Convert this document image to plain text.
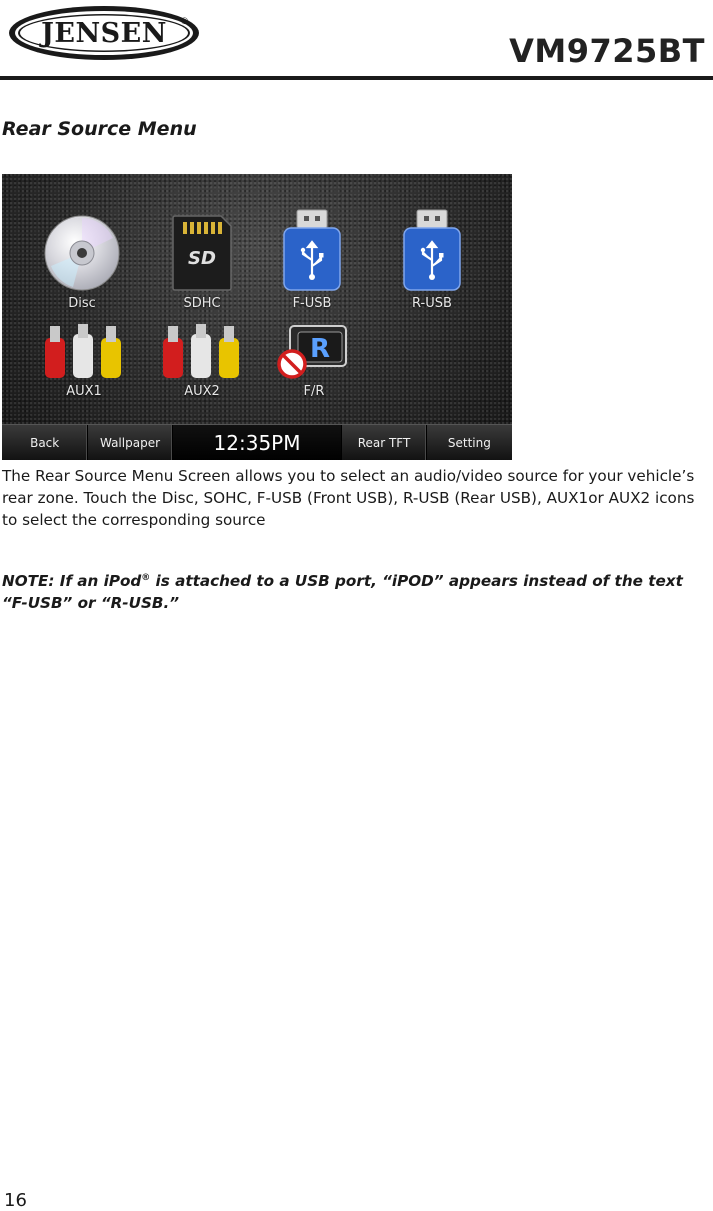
JENSEN ®
VM9725BT
Rear Source Menu
Disc
SD
SDHC	F-USB	R-USB
AUX1	AUX2
R
F/R
Back	Wallpaper	12:35PM	Rear TFT	Setting
The Rear Source Menu Screen allows you to select an audio/video source for your vehicle’s rear zone. Touch the Disc, SOHC, F-USB (Front USB), R-USB (Rear USB), AUX1or AUX2 icons to select the corresponding source
NOTE: If an iPod® is attached to a USB port, “iPOD” appears instead of the text “F-USB” or “R-USB.”
16
